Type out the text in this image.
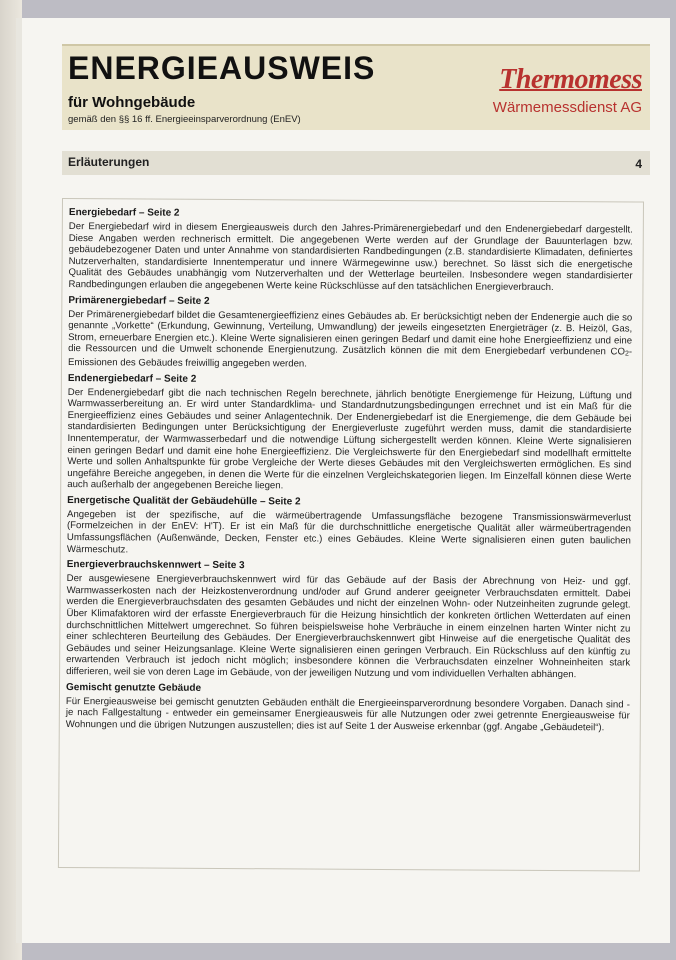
ENERGIEAUSWEIS
für Wohngebäude
gemäß den §§ 16 ff. Energieeinsparverordnung (EnEV)
Thermomess
Wärmemessdienst AG
Erläuterungen	4
Energiebedarf – Seite 2

Der Energiebedarf wird in diesem Energieausweis durch den Jahres-Primärenergiebedarf und den Endenergiebedarf dargestellt. Diese Angaben werden rechnerisch ermittelt. Die angegebenen Werte werden auf der Grundlage der Bauunterlagen bzw. gebäudebezogener Daten und unter Annahme von standardisierten Randbedingungen (z.B. standardisierte Klimadaten, definiertes Nutzerverhalten, standardisierte Innentemperatur und innere Wärmegewinne usw.) berechnet. So lässt sich die energetische Qualität des Gebäudes unabhängig vom Nutzerverhalten und der Wetterlage beurteilen. Insbesondere wegen standardisierter Randbedingungen erlauben die angegebenen Werte keine Rückschlüsse auf den tatsächlichen Energieverbrauch.

Primärenergiebedarf – Seite 2

Der Primärenergiebedarf bildet die Gesamtenergieeffizienz eines Gebäudes ab. Er berücksichtigt neben der Endenergie auch die so genannte „Vorkette“ (Erkundung, Gewinnung, Verteilung, Umwandlung) der jeweils eingesetzten Energieträger (z. B. Heizöl, Gas, Strom, erneuerbare Energien etc.). Kleine Werte signalisieren einen geringen Bedarf und damit eine hohe Energieeffizienz und eine die Ressourcen und die Umwelt schonende Energienutzung. Zusätzlich können die mit dem Energiebedarf verbundenen CO2-Emissionen des Gebäudes freiwillig angegeben werden.

Endenergiebedarf – Seite 2

Der Endenergiebedarf gibt die nach technischen Regeln berechnete, jährlich benötigte Energiemenge für Heizung, Lüftung und Warmwasserbereitung an. Er wird unter Standardklima- und Standardnutzungsbedingungen errechnet und ist ein Maß für die Energieeffizienz eines Gebäudes und seiner Anlagentechnik. Der Endenergiebedarf ist die Energiemenge, die dem Gebäude bei standardisierten Bedingungen unter Berücksichtigung der Energieverluste zugeführt werden muss, damit die standardisierte Innentemperatur, der Warmwasserbedarf und die notwendige Lüftung sichergestellt werden können. Kleine Werte signalisieren einen geringen Bedarf und damit eine hohe Energieeffizienz. Die Vergleichswerte für den Energiebedarf sind modellhaft ermittelte Werte und sollen Anhaltspunkte für grobe Vergleiche der Werte dieses Gebäudes mit den Vergleichswerten ermöglichen. Es sind ungefähre Bereiche angegeben, in denen die Werte für die einzelnen Vergleichskategorien liegen. Im Einzelfall können diese Werte auch außerhalb der angegebenen Bereiche liegen.

Energetische Qualität der Gebäudehülle – Seite 2

Angegeben ist der spezifische, auf die wärmeübertragende Umfassungsfläche bezogene Transmissionswärmeverlust (Formelzeichen in der EnEV: H'T). Er ist ein Maß für die durchschnittliche energetische Qualität aller wärmeübertragenden Umfassungsflächen (Außenwände, Decken, Fenster etc.) eines Gebäudes. Kleine Werte signalisieren einen guten baulichen Wärmeschutz.

Energieverbrauchskennwert – Seite 3

Der ausgewiesene Energieverbrauchskennwert wird für das Gebäude auf der Basis der Abrechnung von Heiz- und ggf. Warmwasserkosten nach der Heizkostenverordnung und/oder auf Grund anderer geeigneter Verbrauchsdaten ermittelt. Dabei werden die Energieverbrauchsdaten des gesamten Gebäudes und nicht der einzelnen Wohn- oder Nutzeinheiten zugrunde gelegt. Über Klimafaktoren wird der erfasste Energieverbrauch für die Heizung hinsichtlich der konkreten örtlichen Wetterdaten auf einen durchschnittlichen Mittelwert umgerechnet. So führen beispielsweise hohe Verbräuche in einem einzelnen harten Winter nicht zu einer schlechteren Beurteilung des Gebäudes. Der Energieverbrauchskennwert gibt Hinweise auf die energetische Qualität des Gebäudes und seiner Heizungsanlage. Kleine Werte signalisieren einen geringen Verbrauch. Ein Rückschluss auf den künftig zu erwartenden Verbrauch ist jedoch nicht möglich; insbesondere können die Verbrauchsdaten einzelner Wohneinheiten stark differieren, weil sie von deren Lage im Gebäude, von der jeweiligen Nutzung und vom individuellen Verhalten abhängen.

Gemischt genutzte Gebäude

Für Energieausweise bei gemischt genutzten Gebäuden enthält die Energieeinsparverordnung besondere Vorgaben. Danach sind - je nach Fallgestaltung - entweder ein gemeinsamer Energieausweis für alle Nutzungen oder zwei getrennte Energieausweise für Wohnungen und die übrigen Nutzungen auszustellen; dies ist auf Seite 1 der Ausweise erkennbar (ggf. Angabe „Gebäudeteil“).
